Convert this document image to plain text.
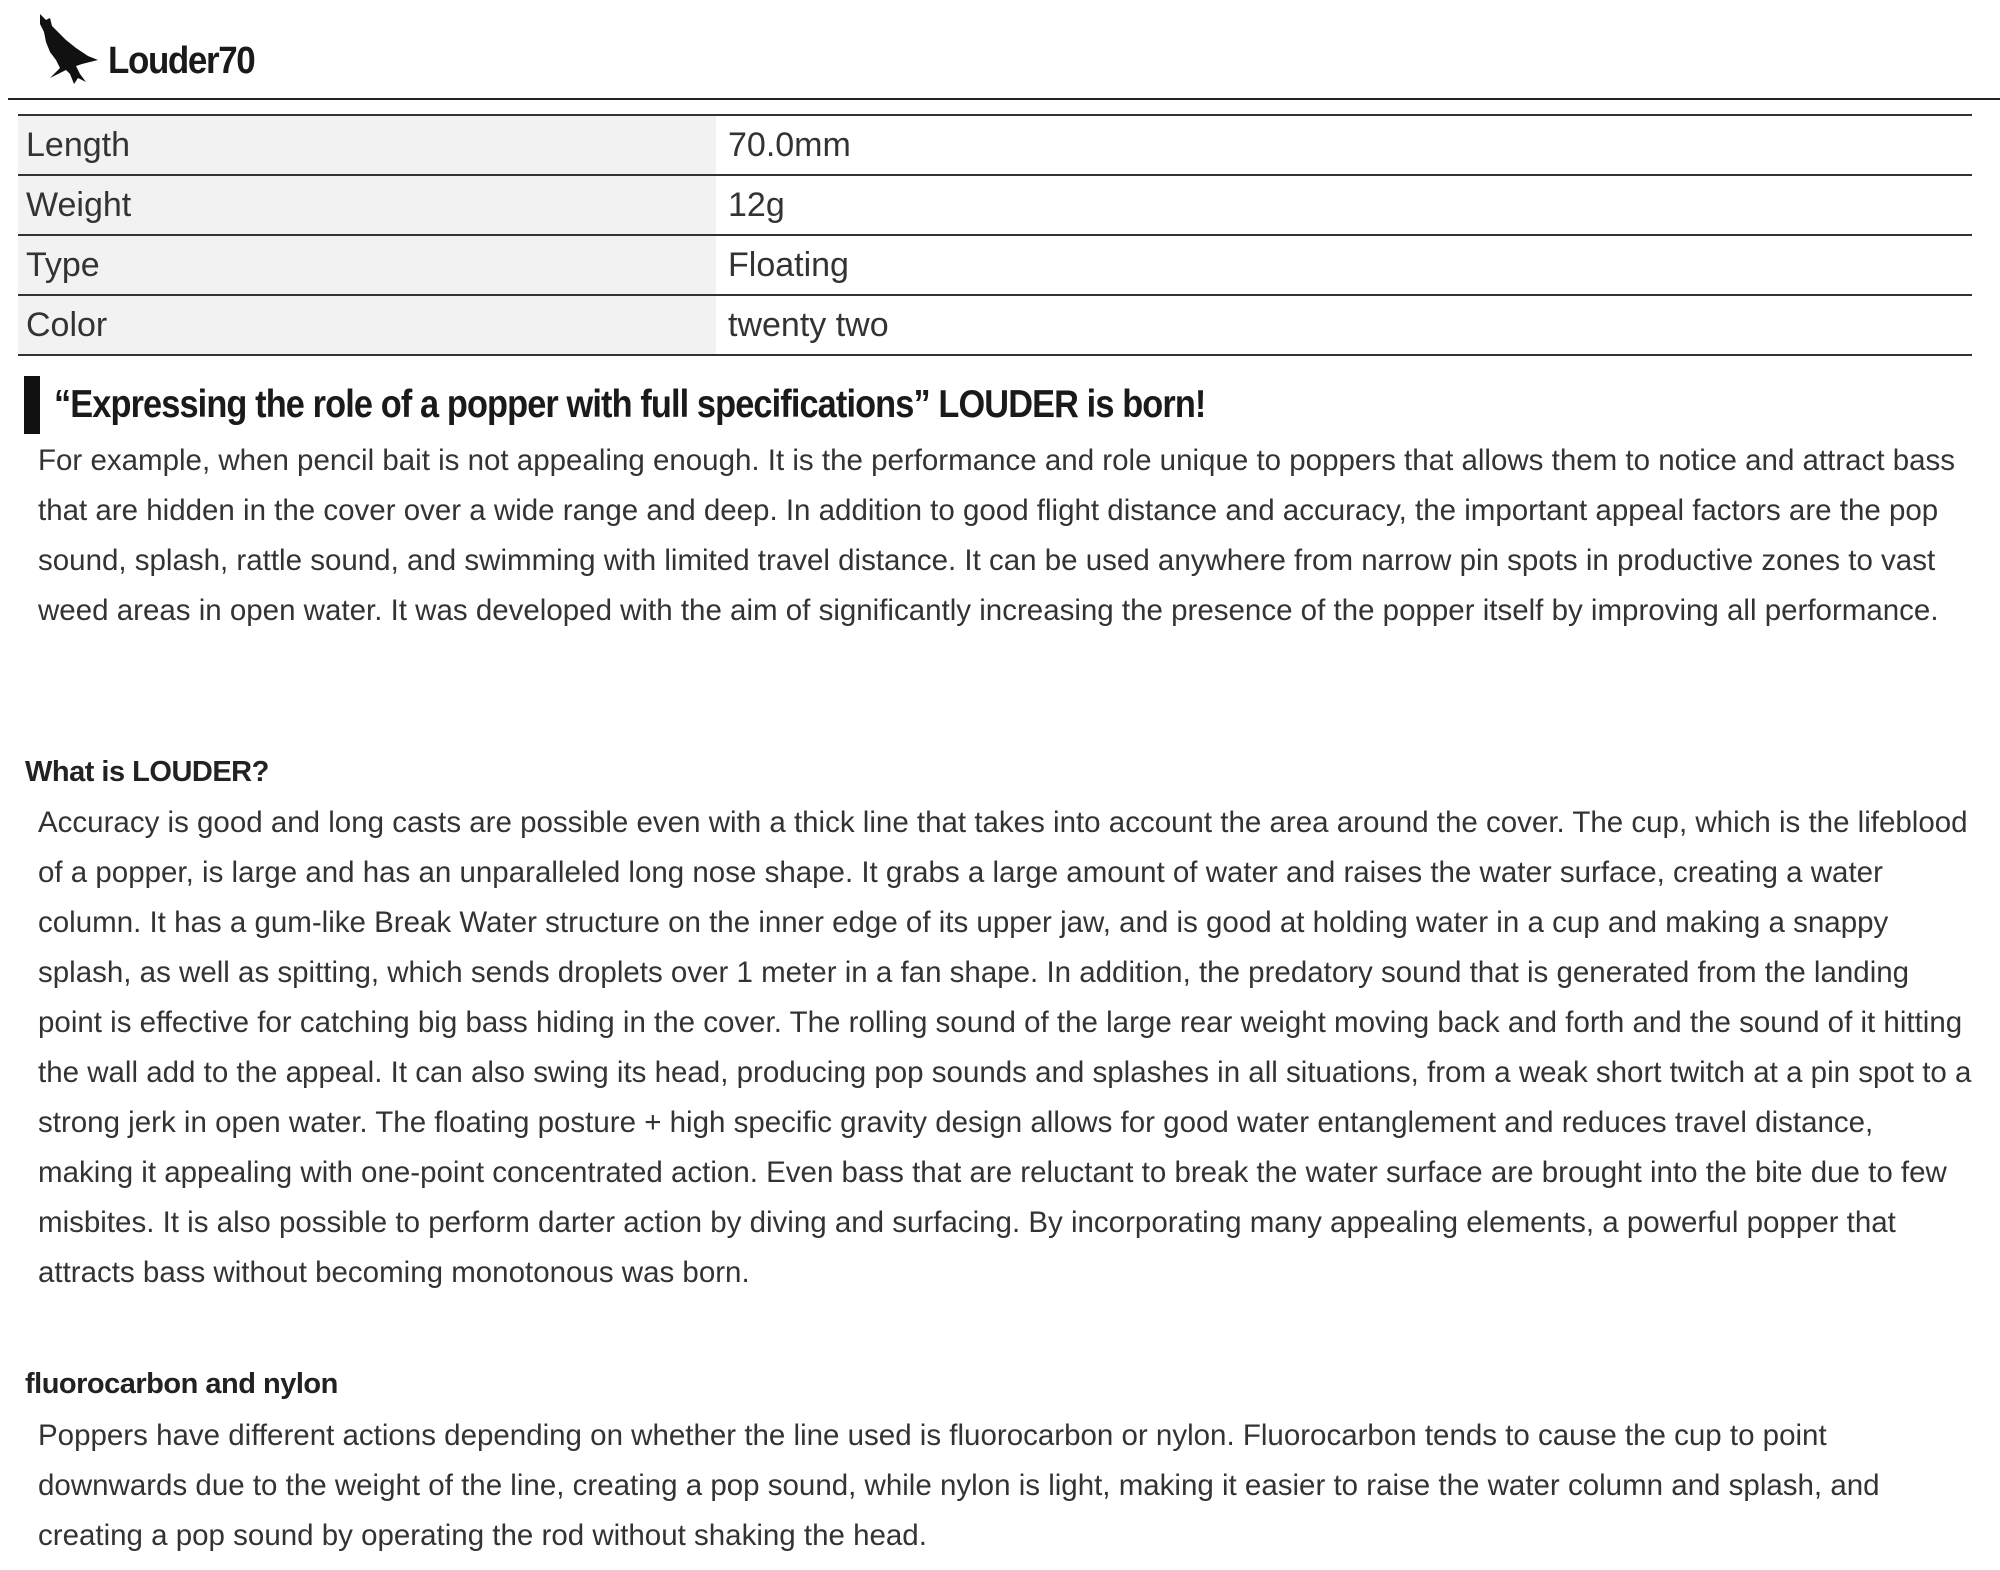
Louder70
Length	70.0mm
Weight	12g
Type	Floating
Color	twenty two
“Expressing the role of a popper with full specifications” LOUDER is born!

For example, when pencil bait is not appealing enough. It is the performance and role unique to poppers that allows them to notice and attract bass that are hidden in the cover over a wide range and deep. In addition to good flight distance and accuracy, the important appeal factors are the pop sound, splash, rattle sound, and swimming with limited travel distance. It can be used anywhere from narrow pin spots in productive zones to vast weed areas in open water. It was developed with the aim of significantly increasing the presence of the popper itself by improving all performance.

What is LOUDER?

Accuracy is good and long casts are possible even with a thick line that takes into account the area around the cover. The cup, which is the lifeblood of a popper, is large and has an unparalleled long nose shape. It grabs a large amount of water and raises the water surface, creating a water column. It has a gum-like Break Water structure on the inner edge of its upper jaw, and is good at holding water in a cup and making a snappy splash, as well as spitting, which sends droplets over 1 meter in a fan shape. In addition, the predatory sound that is generated from the landing point is effective for catching big bass hiding in the cover. The rolling sound of the large rear weight moving back and forth and the sound of it hitting the wall add to the appeal. It can also swing its head, producing pop sounds and splashes in all situations, from a weak short twitch at a pin spot to a strong jerk in open water. The floating posture + high specific gravity design allows for good water entanglement and reduces travel distance, making it appealing with one-point concentrated action. Even bass that are reluctant to break the water surface are brought into the bite due to few misbites. It is also possible to perform darter action by diving and surfacing. By incorporating many appealing elements, a powerful popper that attracts bass without becoming monotonous was born.

fluorocarbon and nylon

Poppers have different actions depending on whether the line used is fluorocarbon or nylon. Fluorocarbon tends to cause the cup to point downwards due to the weight of the line, creating a pop sound, while nylon is light, making it easier to raise the water column and splash, and creating a pop sound by operating the rod without shaking the head.
